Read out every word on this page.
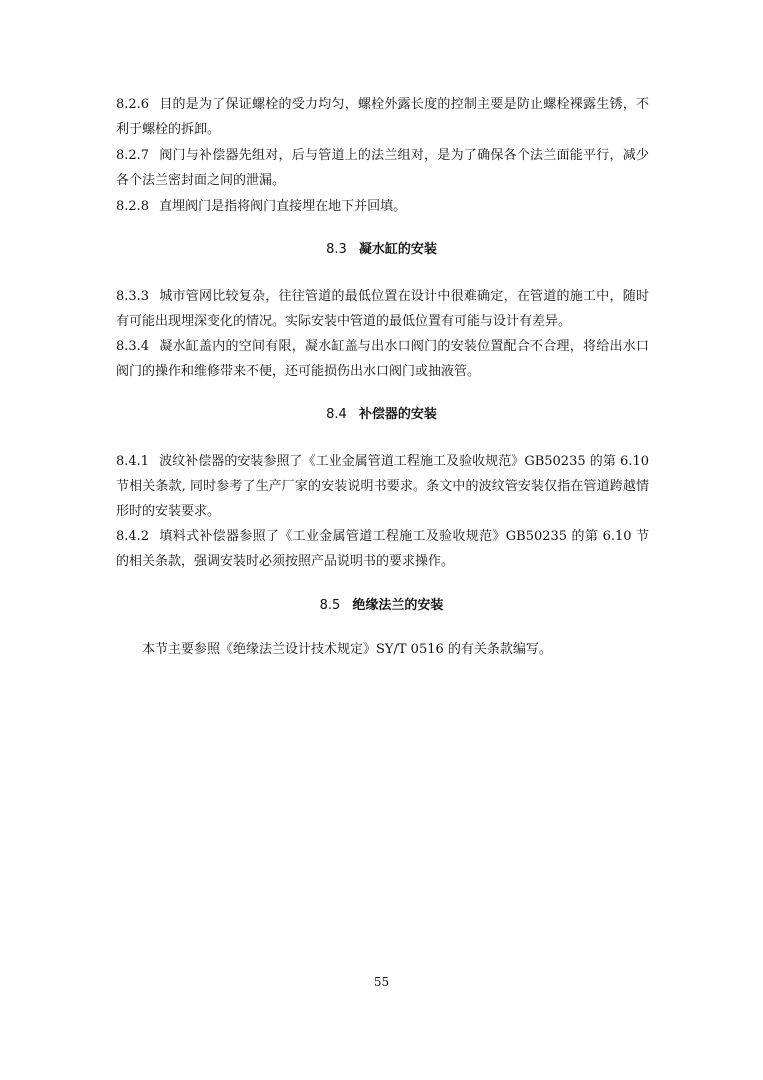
8.2.6 目的是为了保证螺栓的受力均匀，螺栓外露长度的控制主要是防止螺栓裸露生锈，不利于螺栓的拆卸。

8.2.7 阀门与补偿器先组对，后与管道上的法兰组对，是为了确保各个法兰面能平行，减少各个法兰密封面之间的泄漏。

8.2.8 直埋阀门是指将阀门直接埋在地下并回填。

8.3 凝水缸的安装

8.3.3 城市管网比较复杂，往往管道的最低位置在设计中很难确定，在管道的施工中，随时有可能出现埋深变化的情况。实际安装中管道的最低位置有可能与设计有差异。

8.3.4 凝水缸盖内的空间有限，凝水缸盖与出水口阀门的安装位置配合不合理，将给出水口阀门的操作和维修带来不便，还可能损伤出水口阀门或抽液管。

8.4 补偿器的安装

8.4.1 波纹补偿器的安装参照了《工业金属管道工程施工及验收规范》GB50235 的第 6.10 节相关条款, 同时参考了生产厂家的安装说明书要求。条文中的波纹管安装仅指在管道跨越情形时的安装要求。

8.4.2 填料式补偿器参照了《工业金属管道工程施工及验收规范》GB50235 的第 6.10 节的相关条款，强调安装时必须按照产品说明书的要求操作。

8.5 绝缘法兰的安装

本节主要参照《绝缘法兰设计技术规定》SY/T 0516 的有关条款编写。

55
